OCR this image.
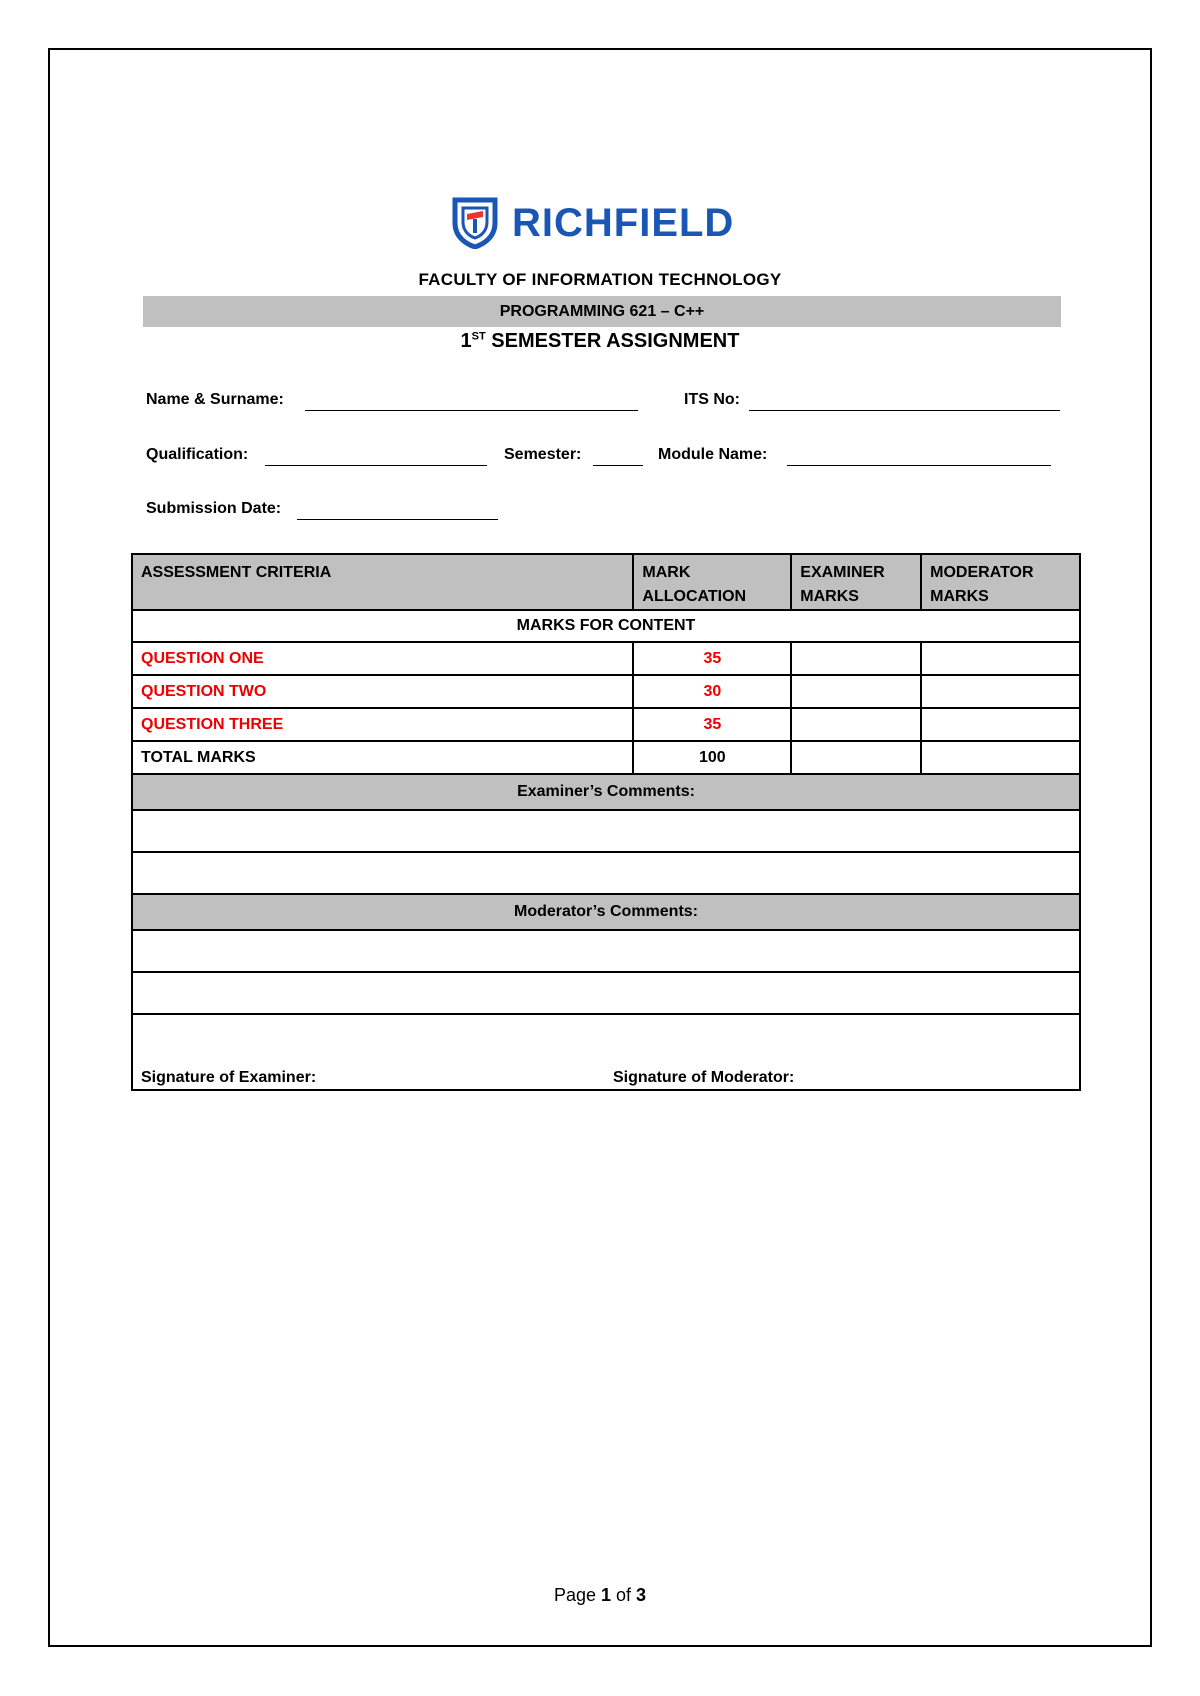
RICHFIELD
FACULTY OF INFORMATION TECHNOLOGY
PROGRAMMING 621 – C++
1ST SEMESTER ASSIGNMENT
Name & Surname:	ITS No:
Qualification:	Semester:	Module Name:
Submission Date:
ASSESSMENT CRITERIA	MARK ALLOCATION	EXAMINER MARKS	MODERATOR MARKS
MARKS FOR CONTENT			
QUESTION ONE	35		
QUESTION TWO	30		
QUESTION THREE	35		
TOTAL MARKS	100		
Examiner’s Comments:			

Moderator’s Comments:			

Signature of Examiner: Signature of Moderator:			
Page 1 of 3
